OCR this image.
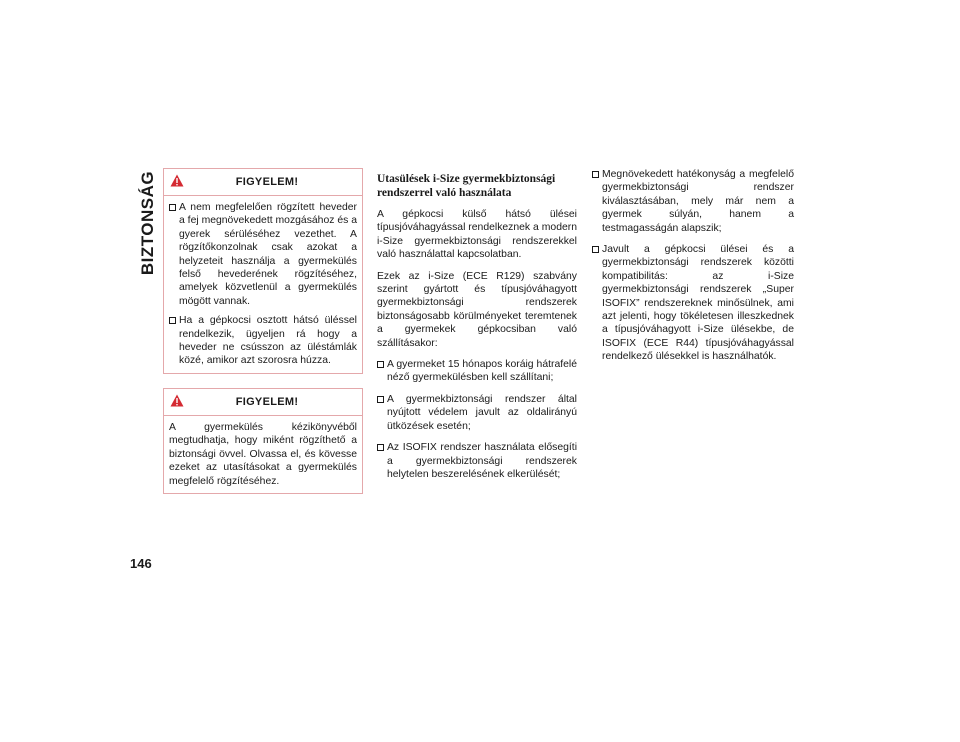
BIZTONSÁG
146
FIGYELEM!
A nem megfelelően rögzített heveder a fej megnövekedett mozgásához és a gyerek sérüléséhez vezethet. A rögzítőkonzolnak csak azokat a helyzeteit használja a gyermekülés felső hevederének rögzítéséhez, amelyek közvetlenül a gyermekülés mögött vannak.
Ha a gépkocsi osztott hátsó üléssel rendelkezik, ügyeljen rá hogy a heveder ne csússzon az üléstámlák közé, amikor azt szorosra húzza.
FIGYELEM!

A gyermekülés kézikönyvéből megtudhatja, hogy miként rögzíthető a biztonsági övvel. Olvassa el, és kövesse ezeket az utasításokat a gyermekülés megfelelő rögzítéséhez.

Utasülések i-Size gyermekbiztonsági rendszerrel való használata

A gépkocsi külső hátsó ülései típusjóváhagyással rendelkeznek a modern i-Size gyermekbiztonsági rendszerekkel való használattal kapcsolatban.

Ezek az i-Size (ECE R129) szabvány szerint gyártott és típusjóváhagyott gyermekbiztonsági rendszerek biztonságosabb körülményeket teremtenek a gyermekek gépkocsiban való szállításakor:

A gyermeket 15 hónapos koráig hátrafelé néző gyermekülésben kell szállítani;
A gyermekbiztonsági rendszer által nyújtott védelem javult az oldalirányú ütközések esetén;
Az ISOFIX rendszer használata elősegíti a gyermekbiztonsági rendszerek helytelen beszerelésének elkerülését;
Megnövekedett hatékonyság a megfelelő gyermekbiztonsági rendszer kiválasztásában, mely már nem a gyermek súlyán, hanem a testmagasságán alapszik;
Javult a gépkocsi ülései és a gyermekbiztonsági rendszerek közötti kompatibilitás: az i-Size gyermekbiztonsági rendszerek „Super ISOFIX” rendszereknek minősülnek, ami azt jelenti, hogy tökéletesen illeszkednek a típusjóváhagyott i-Size ülésekbe, de ISOFIX (ECE R44) típusjóváhagyással rendelkező ülésekkel is használhatók.
